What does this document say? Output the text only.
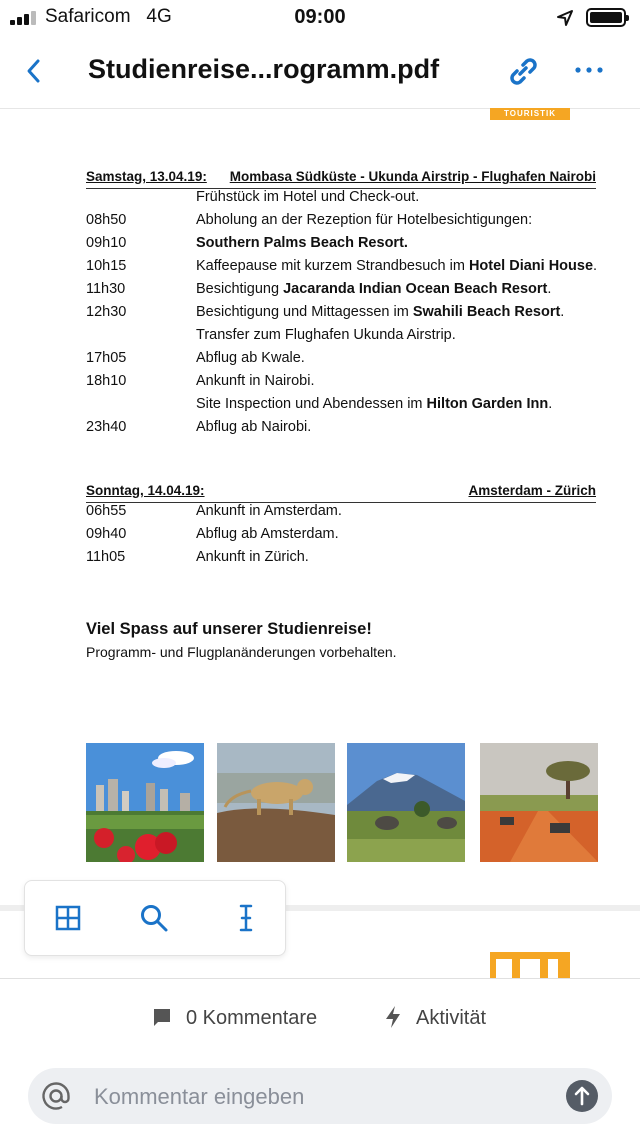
Safaricom 4G	09:00
Studienreise...rogramm.pdf
TOURISTIK
Samstag, 13.04.19: Mombasa Südküste - Ukunda Airstrip - Flughafen Nairobi
Frühstück im Hotel und Check-out.
08h50	Abholung an der Rezeption für Hotelbesichtigungen:
09h10	Southern Palms Beach Resort.
10h15	Kaffeepause mit kurzem Strandbesuch im Hotel Diani House.
11h30	Besichtigung Jacaranda Indian Ocean Beach Resort.
12h30	Besichtigung und Mittagessen im Swahili Beach Resort.
Transfer zum Flughafen Ukunda Airstrip.
17h05	Abflug ab Kwale.
18h10	Ankunft in Nairobi.
Site Inspection und Abendessen im Hilton Garden Inn.
23h40	Abflug ab Nairobi.
Sonntag, 14.04.19:	Amsterdam - Zürich
06h55	Ankunft in Amsterdam.
09h40	Abflug ab Amsterdam.
11h05	Ankunft in Zürich.
Viel Spass auf unserer Studienreise!
Programm- und Flugplanänderungen vorbehalten.
0 Kommentare	Aktivität
Kommentar eingeben
